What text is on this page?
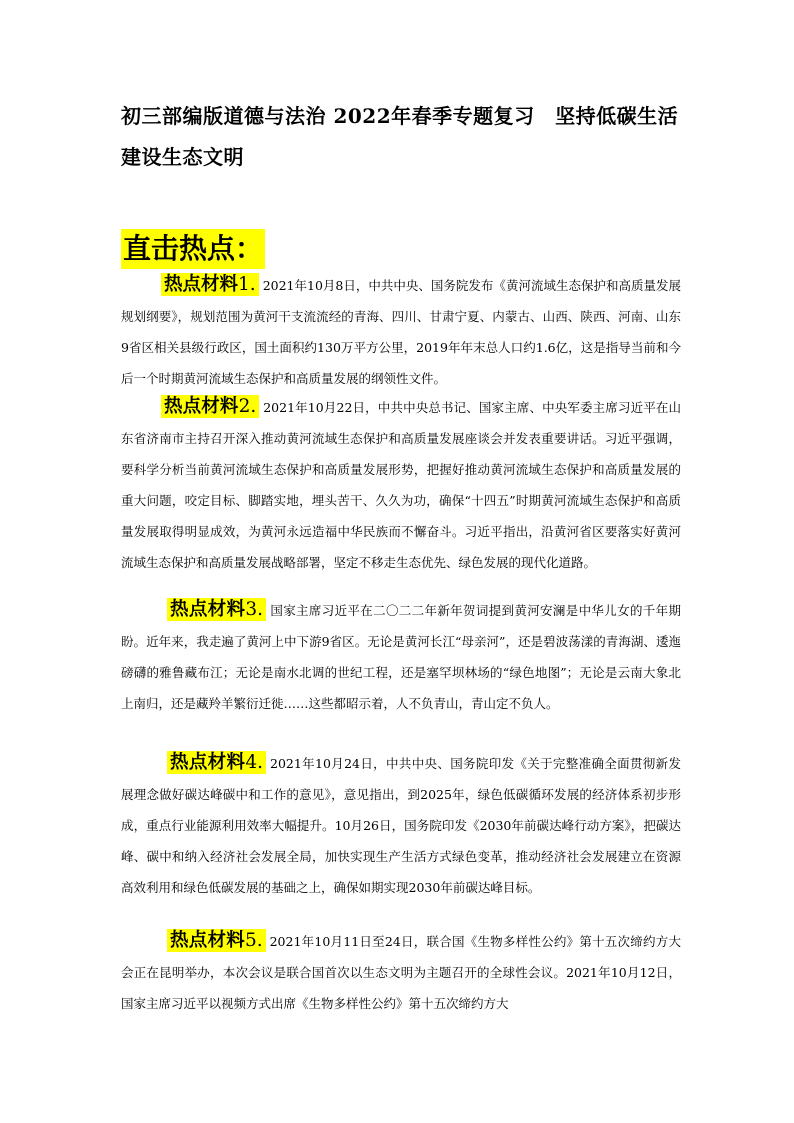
初三部编版道德与法治 2022年春季专题复习　坚持低碳生活　建设生态文明
直击热点：
热点材料1. 2021年10月8日，中共中央、国务院发布《黄河流域生态保护和高质量发展规划纲要》，规划范围为黄河干支流流经的青海、四川、甘肃宁夏、内蒙古、山西、陕西、河南、山东9省区相关县级行政区，国土面积约130万平方公里，2019年年末总人口约1.6亿，这是指导当前和今后一个时期黄河流域生态保护和高质量发展的纲领性文件。
热点材料2. 2021年10月22日，中共中央总书记、国家主席、中央军委主席习近平在山东省济南市主持召开深入推动黄河流域生态保护和高质量发展座谈会并发表重要讲话。习近平强调，要科学分析当前黄河流域生态保护和高质量发展形势，把握好推动黄河流域生态保护和高质量发展的重大问题，咬定目标、脚踏实地，埋头苦干、久久为功，确保“十四五”时期黄河流域生态保护和高质量发展取得明显成效，为黄河永远造福中华民族而不懈奋斗。习近平指出，沿黄河省区要落实好黄河流域生态保护和高质量发展战略部署，坚定不移走生态优先、绿色发展的现代化道路。
热点材料3. 国家主席习近平在二〇二二年新年贺词提到黄河安澜是中华儿女的千年期盼。近年来，我走遍了黄河上中下游9省区。无论是黄河长江“母亲河”，还是碧波荡漾的青海湖、逶迤磅礴的雅鲁藏布江；无论是南水北调的世纪工程，还是塞罕坝林场的“绿色地图”；无论是云南大象北上南归，还是藏羚羊繁衍迁徙……这些都昭示着，人不负青山，青山定不负人。
热点材料4. 2021年10月24日，中共中央、国务院印发《关于完整准确全面贯彻新发展理念做好碳达峰碳中和工作的意见》，意见指出，到2025年，绿色低碳循环发展的经济体系初步形成，重点行业能源利用效率大幅提升。10月26日，国务院印发《2030年前碳达峰行动方案》，把碳达峰、碳中和纳入经济社会发展全局，加快实现生产生活方式绿色变革，推动经济社会发展建立在资源高效利用和绿色低碳发展的基础之上，确保如期实现2030年前碳达峰目标。
热点材料5. 2021年10月11日至24日，联合国《生物多样性公约》第十五次缔约方大会正在昆明举办，本次会议是联合国首次以生态文明为主题召开的全球性会议。2021年10月12日，国家主席习近平以视频方式出席《生物多样性公约》第十五次缔约方大
